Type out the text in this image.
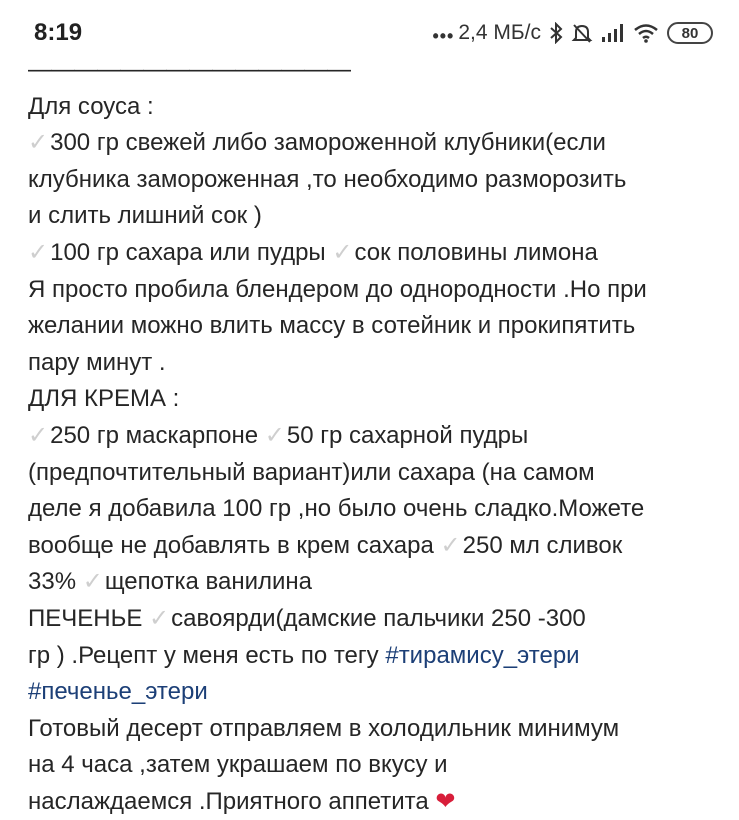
8:19	••• 2,4 МБ/с	80
——————————————
Для соуса :
✓300 гр свежей либо замороженной клубники(если
клубника замороженная ,то необходимо разморозить
и слить лишний сок )
✓100 гр сахара или пудры ✓сок половины лимона
Я просто пробила блендером до однородности .Но при
желании можно влить массу в сотейник и прокипятить
пару минут .
ДЛЯ КРЕМА :
✓250 гр маскарпоне ✓50 гр сахарной пудры
(предпочтительный вариант)или сахара (на самом
деле я добавила 100 гр ,но было очень сладко.Можете
вообще не добавлять в крем сахара ✓250 мл сливок
33% ✓щепотка ванилина
ПЕЧЕНЬЕ ✓савоярди(дамские пальчики 250 -300
гр ) .Рецепт у меня есть по тегу #тирамису_этери
#печенье_этери
Готовый десерт отправляем в холодильник минимум
на 4 часа ,затем украшаем по вкусу и
наслаждаемся .Приятного аппетита ❤
